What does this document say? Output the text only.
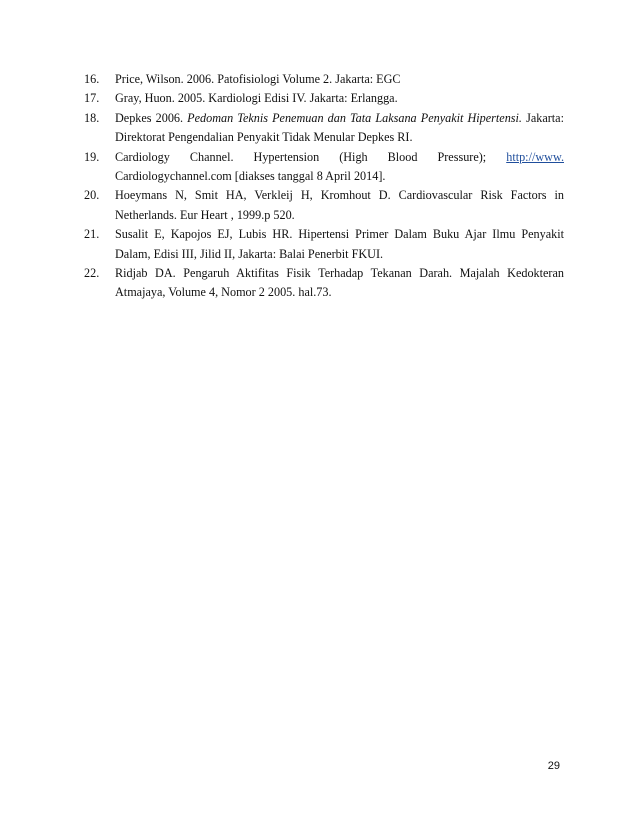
16. Price, Wilson. 2006. Patofisiologi Volume 2. Jakarta: EGC
17. Gray, Huon. 2005. Kardiologi Edisi IV. Jakarta: Erlangga.
18. Depkes 2006. Pedoman Teknis Penemuan dan Tata Laksana Penyakit Hipertensi. Jakarta: Direktorat Pengendalian Penyakit Tidak Menular Depkes RI.
19. Cardiology Channel. Hypertension (High Blood Pressure); http://www.
Cardiologychannel.com [diakses tanggal 8 April 2014].
20. Hoeymans N, Smit HA, Verkleij H, Kromhout D. Cardiovascular Risk Factors in Netherlands. Eur Heart , 1999.p 520.
21. Susalit E, Kapojos EJ, Lubis HR. Hipertensi Primer Dalam Buku Ajar Ilmu Penyakit Dalam, Edisi III, Jilid II, Jakarta: Balai Penerbit FKUI.
22. Ridjab DA. Pengaruh Aktifitas Fisik Terhadap Tekanan Darah. Majalah Kedokteran Atmajaya, Volume 4, Nomor 2 2005. hal.73.
29
